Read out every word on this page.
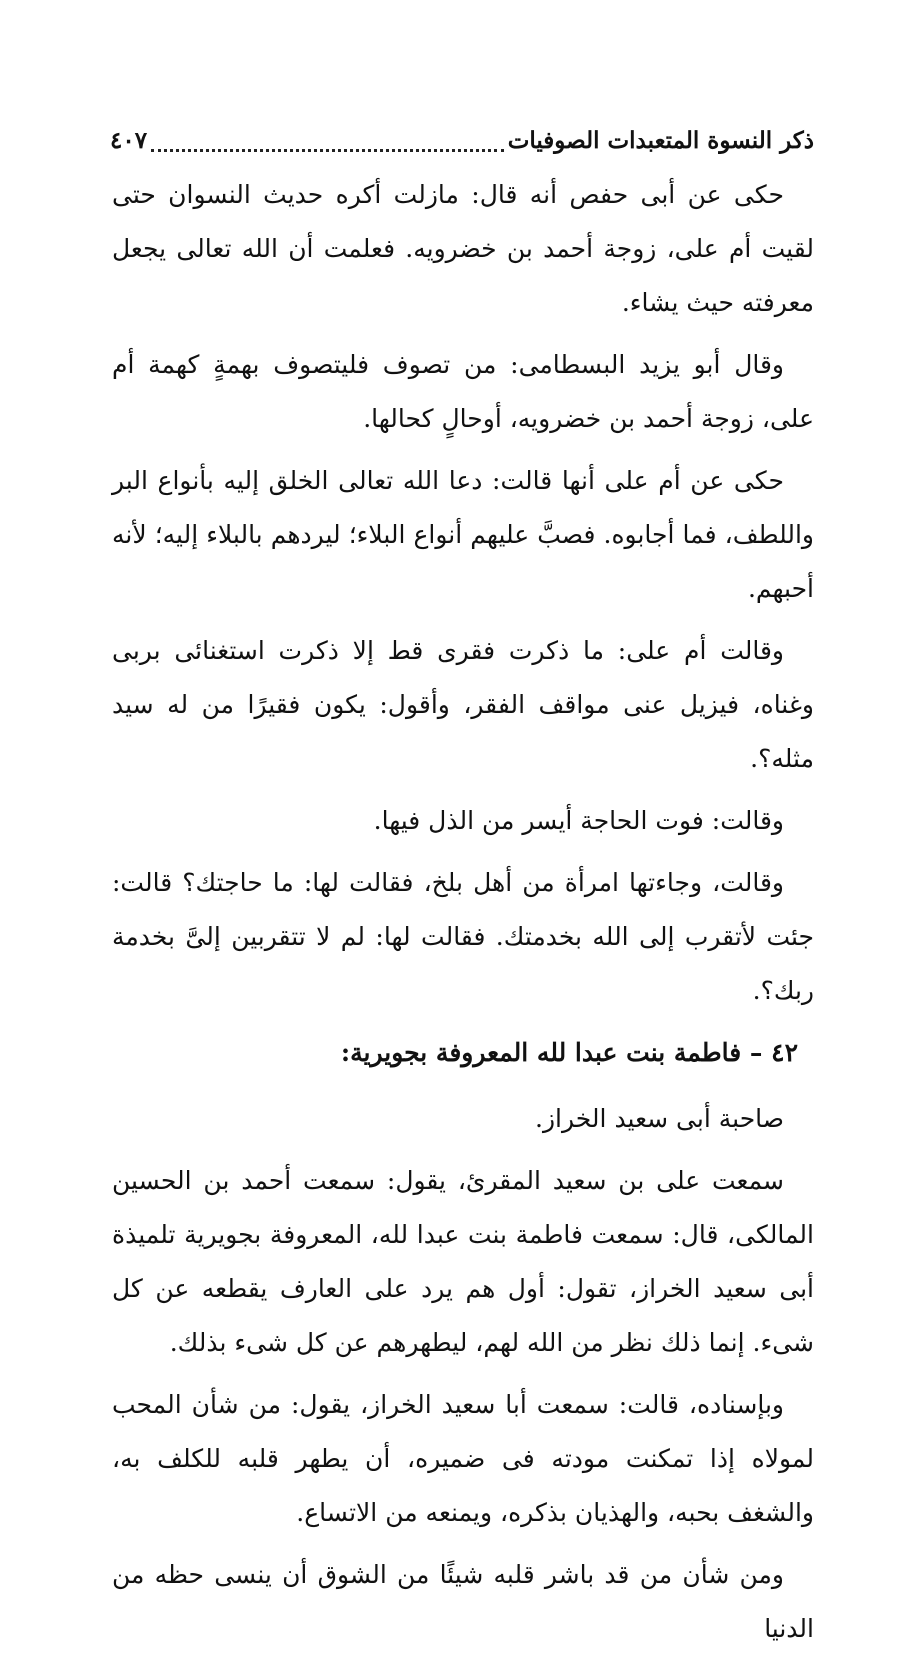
ذكر النسوة المتعبدات الصوفيات
٤٠٧

حكى عن أبى حفص أنه قال: مازلت أكره حديث النسوان حتى لقيت أم على، زوجة أحمد بن خضرويه. فعلمت أن الله تعالى يجعل معرفته حيث يشاء.

وقال أبو يزيد البسطامى: من تصوف فليتصوف بهمةٍ كهمة أم على، زوجة أحمد بن خضرويه، أوحالٍ كحالها.

حكى عن أم على أنها قالت: دعا الله تعالى الخلق إليه بأنواع البر واللطف، فما أجابوه. فصبَّ عليهم أنواع البلاء؛ ليردهم بالبلاء إليه؛ لأنه أحبهم.

وقالت أم على: ما ذكرت فقرى قط إلا ذكرت استغنائى بربى وغناه، فيزيل عنى مواقف الفقر، وأقول: يكون فقيرًا من له سيد مثله؟.

وقالت: فوت الحاجة أيسر من الذل فيها.

وقالت، وجاءتها امرأة من أهل بلخ، فقالت لها: ما حاجتك؟ قالت: جئت لأتقرب إلى الله بخدمتك. فقالت لها: لم لا تتقربين إلىَّ بخدمة ربك؟.

٤٢ – فاطمة بنت عبدا لله المعروفة بجويرية:

صاحبة أبى سعيد الخراز.

سمعت على بن سعيد المقرئ، يقول: سمعت أحمد بن الحسين المالكى، قال: سمعت فاطمة بنت عبدا لله، المعروفة بجويرية تلميذة أبى سعيد الخراز، تقول: أول هم يرد على العارف يقطعه عن كل شىء. إنما ذلك نظر من الله لهم، ليطهرهم عن كل شىء بذلك.

وبإسناده، قالت: سمعت أبا سعيد الخراز، يقول: من شأن المحب لمولاه إذا تمكنت مودته فى ضميره، أن يطهر قلبه للكلف به، والشغف بحبه، والهذيان بذكره، ويمنعه من الاتساع.

ومن شأن من قد باشر قلبه شيئًا من الشوق أن ينسى حظه من الدنيا
